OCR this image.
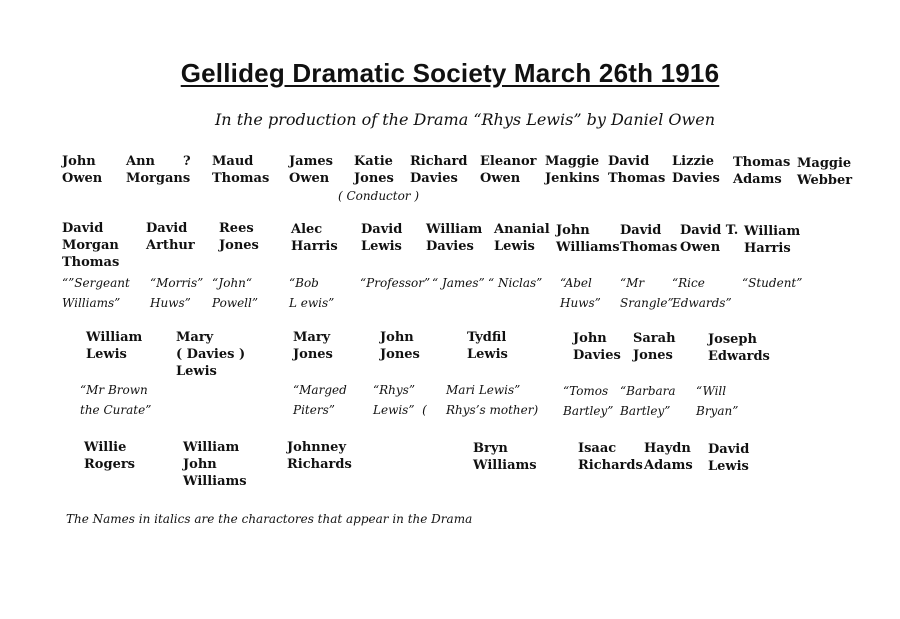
Gellideg Dramatic Society March 26th 1916
In the production of the Drama “Rhys Lewis” by Daniel Owen
John
Owen
Ann
Morgans
? Maud
Thomas
James
Owen
Katie
Jones
Richard
Davies
Eleanor
Owen
Maggie
Jenkins
David
Thomas
Lizzie
Davies
Thomas
Adams
Maggie
Webber
( Conductor )
David
Morgan
Thomas
David
Arthur
Rees
Jones
Alec
Harris
David
Lewis
William
Davies
Ananial
Lewis
John
Williams
David
Thomas
David T.
Owen
William
Harris
“”Sergeant
Williams”
“Morris”
Huws”
“John“
Powell”
“Bob
L ewis”
“Professor” “ James” “ Niclas” “Abel
Huws”
“Mr
Srangle”
“Rice
Edwards”
“Student”
William
Lewis
Mary
( Davies )
Lewis
Mary
Jones
John
Jones
Tydfil
Lewis
John
Davies
Sarah
Jones
Joseph
Edwards
“Mr Brown
the Curate”
“Marged
Piters”
“Rhys”
Lewis”  (
Mari Lewis”
Rhys’s mother)
“Tomos
Bartley”
“Barbara
Bartley”
“Will
Bryan”
Willie
Rogers
William
John
Williams
Johnney
Richards
Bryn
Williams
Isaac
Richards
Haydn
Adams
David
Lewis
The Names in italics are the charactores that appear in the Drama
